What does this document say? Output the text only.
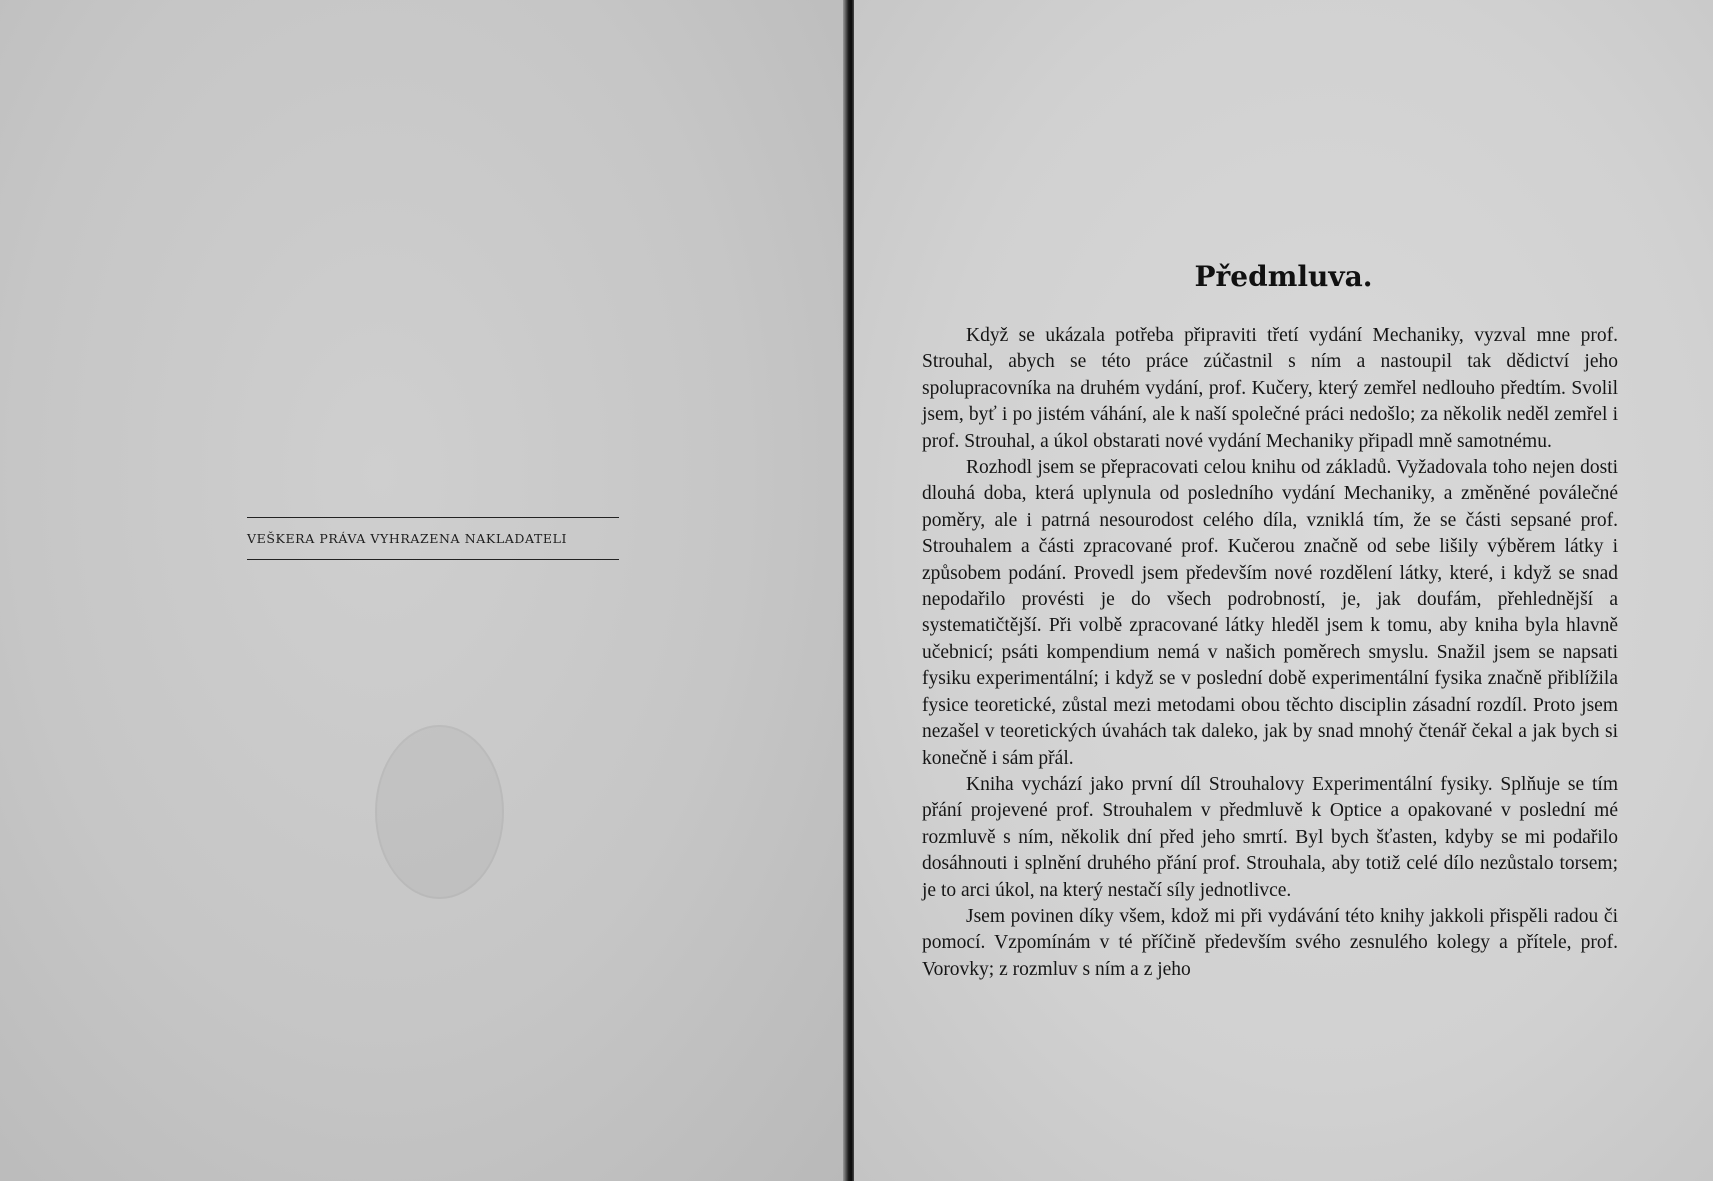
VEŠKERA PRÁVA VYHRAZENA NAKLADATELI
Předmluva.

Když se ukázala potřeba připraviti třetí vydání Mechaniky, vyzval mne prof. Strouhal, abych se této práce zúčastnil s ním a nastoupil tak dědictví jeho spolupracovníka na druhém vydání, prof. Kučery, který zemřel nedlouho předtím. Svolil jsem, byť i po jistém váhání, ale k naší společné práci nedošlo; za několik neděl zemřel i prof. Strouhal, a úkol obstarati nové vydání Mechaniky připadl mně samotnému.

Rozhodl jsem se přepracovati celou knihu od základů. Vyžadovala toho nejen dosti dlouhá doba, která uplynula od posledního vydání Mechaniky, a změněné poválečné poměry, ale i patrná nesourodost celého díla, vzniklá tím, že se části sepsané prof. Strouhalem a části zpracované prof. Kučerou značně od sebe lišily výběrem látky i způsobem podání. Provedl jsem především nové rozdělení látky, které, i když se snad nepodařilo provésti je do všech podrobností, je, jak doufám, přehlednější a systematičtější. Při volbě zpracované látky hleděl jsem k tomu, aby kniha byla hlavně učebnicí; psáti kompendium nemá v našich poměrech smyslu. Snažil jsem se napsati fysiku experimentální; i když se v poslední době experimentální fysika značně přiblížila fysice teoretické, zůstal mezi metodami obou těchto disciplin zásadní rozdíl. Proto jsem nezašel v teoretických úvahách tak daleko, jak by snad mnohý čtenář čekal a jak bych si konečně i sám přál.

Kniha vychází jako první díl Strouhalovy Experimentální fysiky. Splňuje se tím přání projevené prof. Strouhalem v předmluvě k Optice a opakované v poslední mé rozmluvě s ním, několik dní před jeho smrtí. Byl bych šťasten, kdyby se mi podařilo dosáhnouti i splnění druhého přání prof. Strouhala, aby totiž celé dílo nezůstalo torsem; je to arci úkol, na který nestačí síly jednotlivce.

Jsem povinen díky všem, kdož mi při vydávání této knihy jakkoli přispěli radou či pomocí. Vzpomínám v té příčině především svého zesnulého kolegy a přítele, prof. Vorovky; z rozmluv s ním a z jeho
